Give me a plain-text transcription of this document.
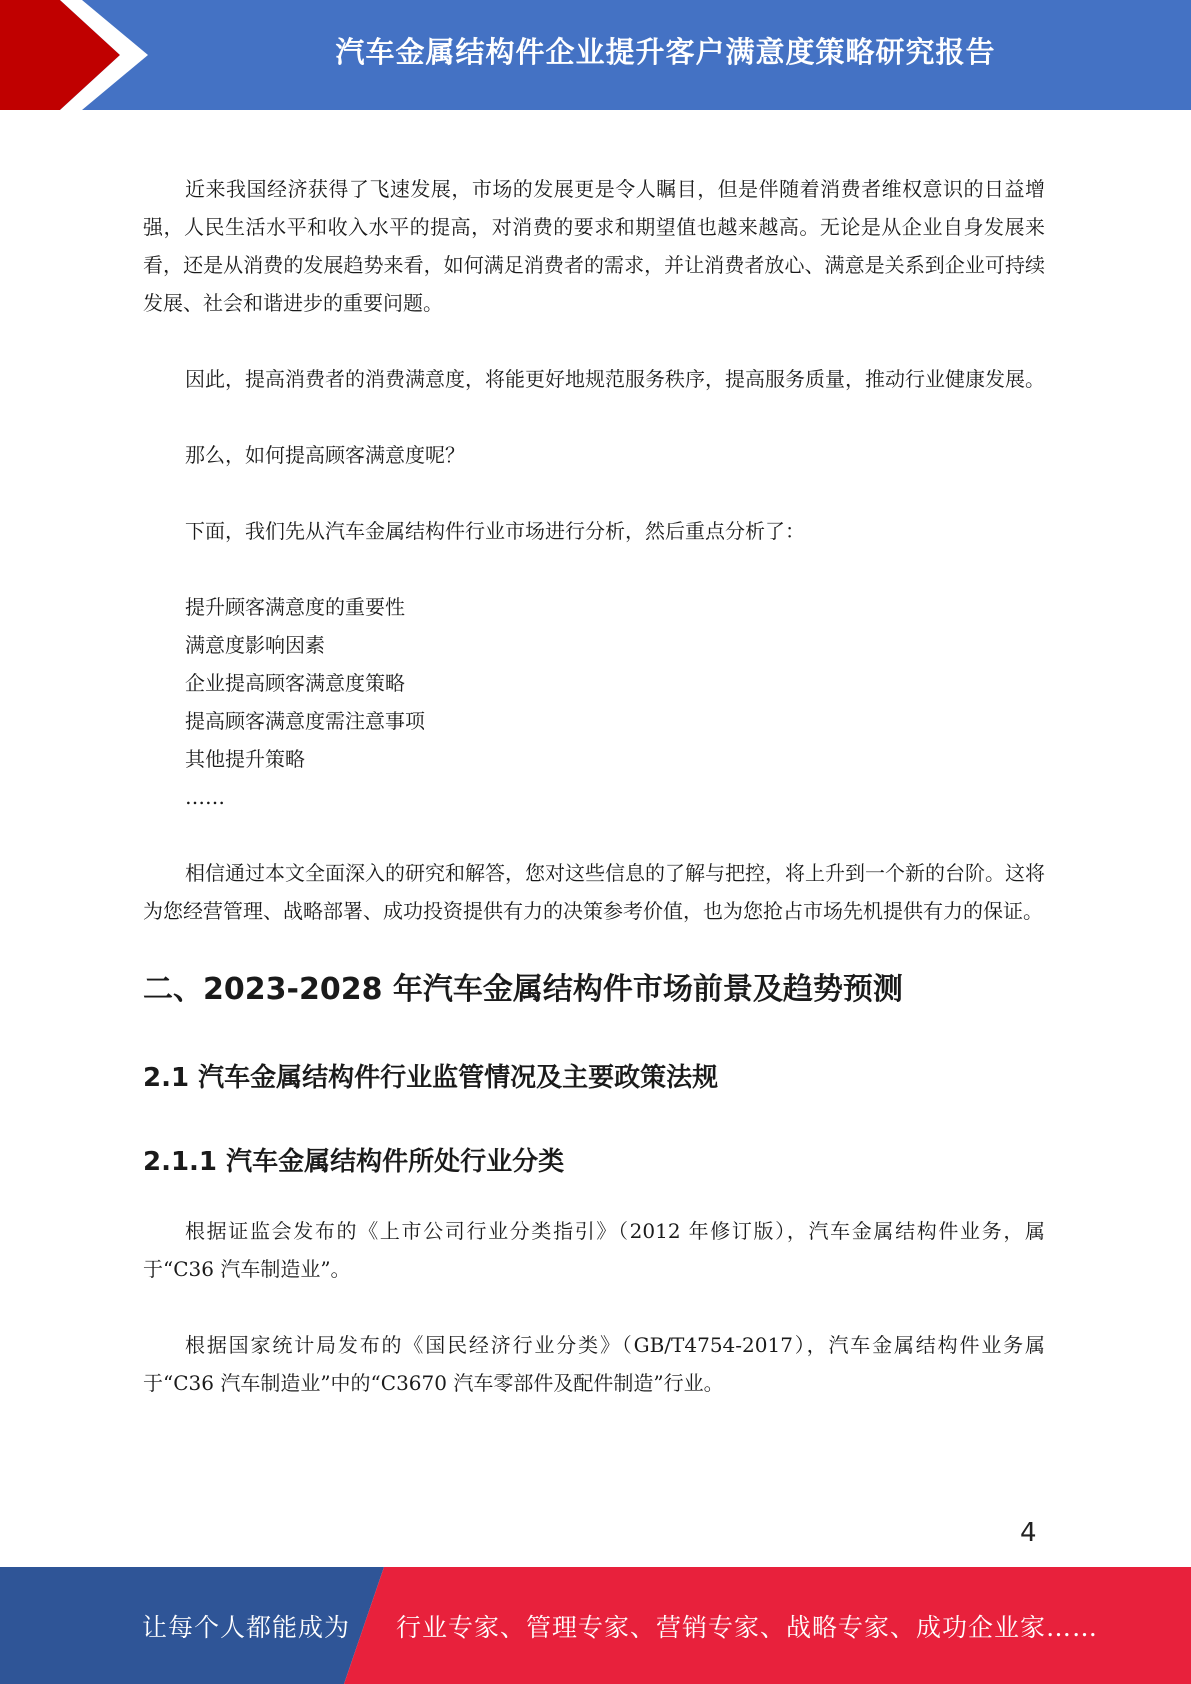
汽车金属结构件企业提升客户满意度策略研究报告

近来我国经济获得了飞速发展，市场的发展更是令人瞩目，但是伴随着消费者维权意识的日益增强，人民生活水平和收入水平的提高，对消费的要求和期望值也越来越高。无论是从企业自身发展来看，还是从消费的发展趋势来看，如何满足消费者的需求，并让消费者放心、满意是关系到企业可持续发展、社会和谐进步的重要问题。

因此，提高消费者的消费满意度，将能更好地规范服务秩序，提高服务质量，推动行业健康发展。

那么，如何提高顾客满意度呢？

下面，我们先从汽车金属结构件行业市场进行分析，然后重点分析了：

提升顾客满意度的重要性
满意度影响因素
企业提高顾客满意度策略
提高顾客满意度需注意事项
其他提升策略
……

相信通过本文全面深入的研究和解答，您对这些信息的了解与把控，将上升到一个新的台阶。这将为您经营管理、战略部署、成功投资提供有力的决策参考价值，也为您抢占市场先机提供有力的保证。

二、2023-2028 年汽车金属结构件市场前景及趋势预测
2.1 汽车金属结构件行业监管情况及主要政策法规
2.1.1 汽车金属结构件所处行业分类

根据证监会发布的《上市公司行业分类指引》（2012 年修订版），汽车金属结构件业务，属于“C36 汽车制造业”。

根据国家统计局发布的《国民经济行业分类》（GB/T4754-2017），汽车金属结构件业务属于“C36 汽车制造业”中的“C3670 汽车零部件及配件制造”行业。

4
让每个人都能成为 行业专家、管理专家、营销专家、战略专家、成功企业家……
